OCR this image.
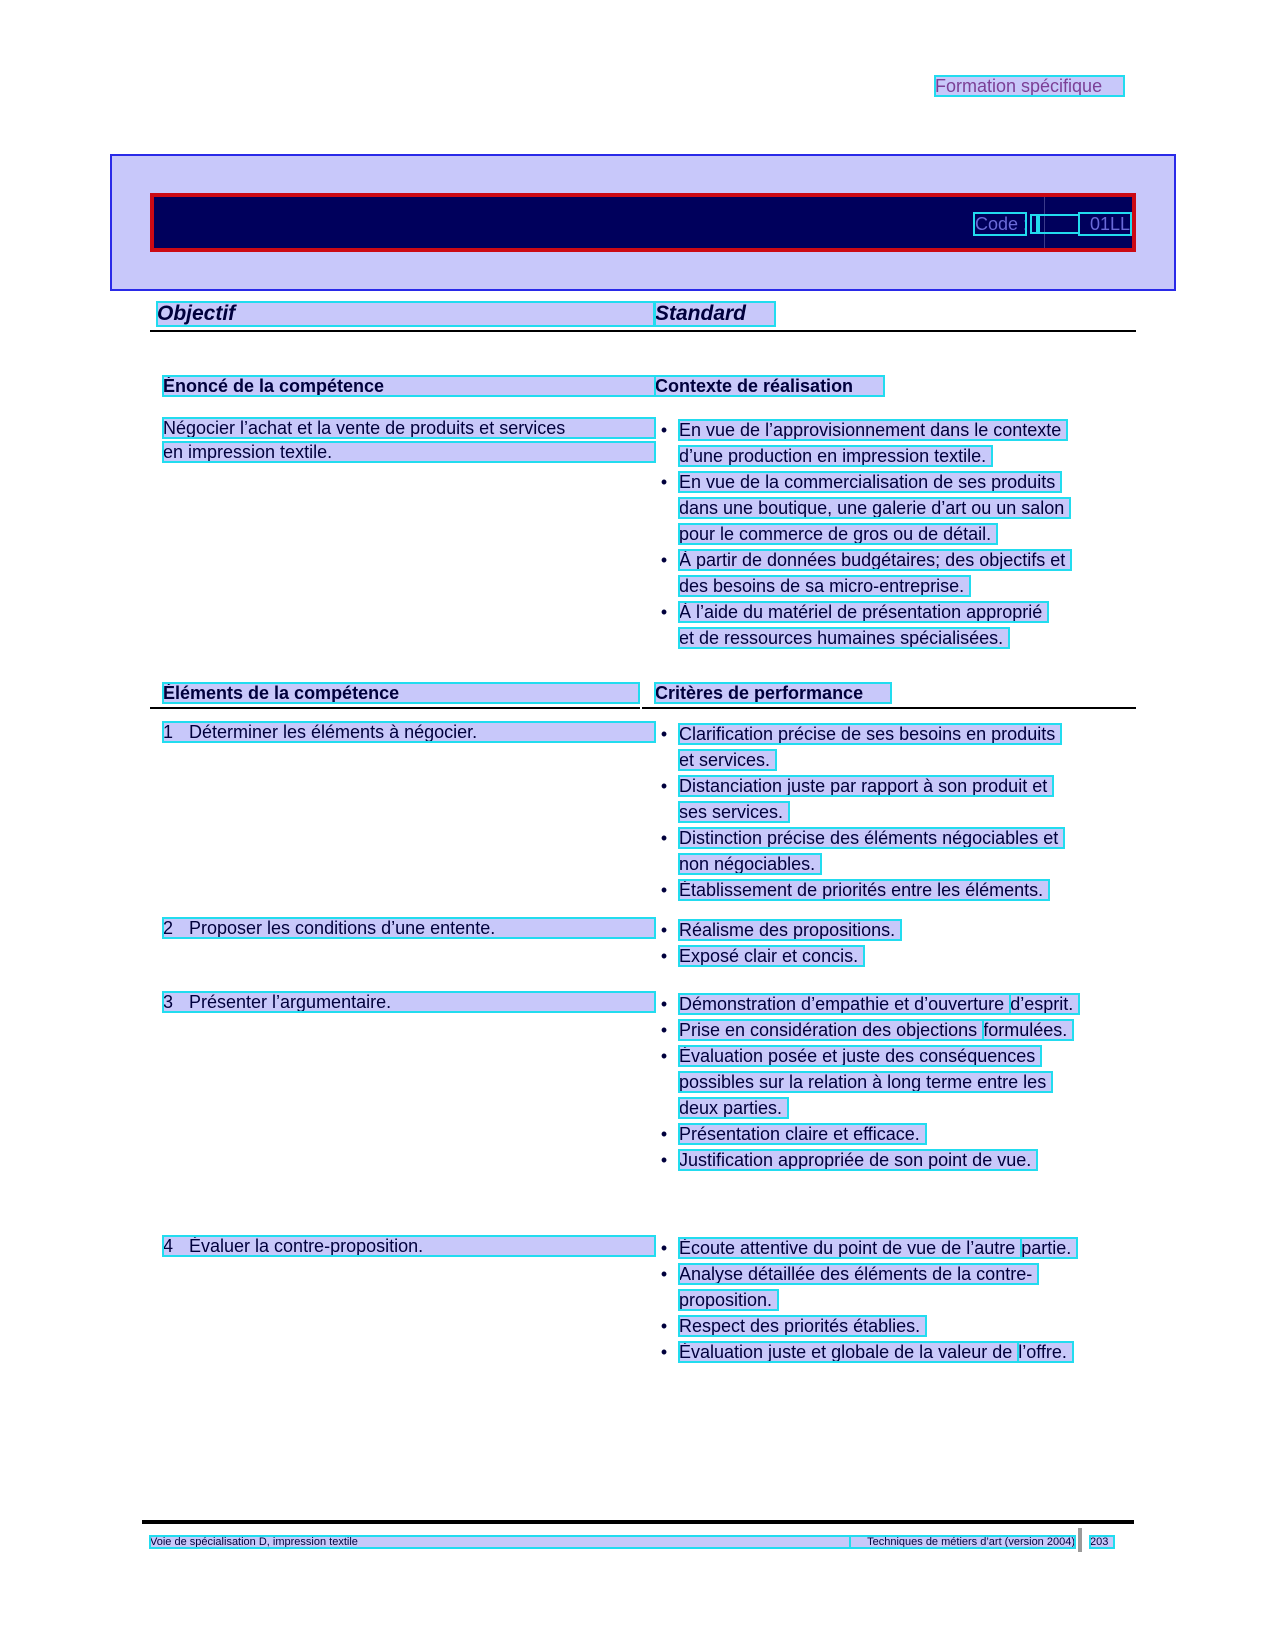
Formation spécifique
Code :	01LL
Objectif	Standard
Énoncé de la compétence	Contexte de réalisation
Négocier l’achat et la vente de produits et services
en impression textile.
• En vue de l’approvisionnement dans le contexte d’une production en impression textile.
• En vue de la commercialisation de ses produits dans une boutique, une galerie d’art ou un salon pour le commerce de gros ou de détail.
• À partir de données budgétaires; des objectifs et des besoins de sa micro-entreprise.
• À l’aide du matériel de présentation approprié et de ressources humaines spécialisées.
Éléments de la compétence	Critères de performance
1 Déterminer les éléments à négocier.	• Clarification précise de ses besoins en produitset services.
• Distanciation juste par rapport à son produit etses services.
• Distinction précise des éléments négociables etnon négociables.
• Établissement de priorités entre les éléments.
2 Proposer les conditions d’une entente.	• Réalisme des propositions.
• Exposé clair et concis.
3 Présenter l’argumentaire.	• Démonstration d’empathie et d’ouverture d’esprit.
• Prise en considération des objections formulées.
• Évaluation posée et juste des conséquencespossibles sur la relation à long terme entre lesdeux parties.
• Présentation claire et efficace.
• Justification appropriée de son point de vue.
4 Évaluer la contre-proposition.	• Écoute attentive du point de vue de l’autre partie.
• Analyse détaillée des éléments de la contre-proposition.
• Respect des priorités établies.
• Évaluation juste et globale de la valeur de l’offre.
Voie de spécialisation D, impression textile	Techniques de métiers d’art (version 2004) 203
